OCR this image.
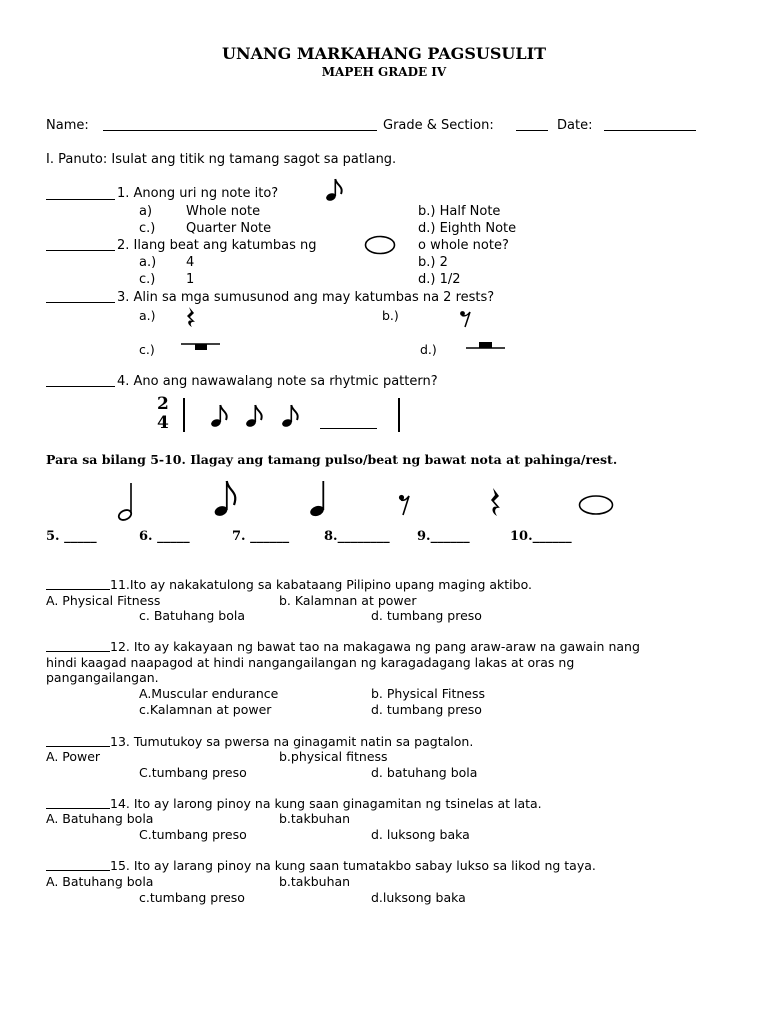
UNANG MARKAHANG PAGSUSULIT
MAPEH GRADE IV
Name:	Grade & Section:	Date:
I. Panuto: Isulat ang titik ng tamang sagot sa patlang.
1. Anong uri ng note ito?
a)	Whole note	b.) Half Note
c.) Quarter Note	d.) Eighth Note
2. Ilang beat ang katumbas ng	o whole note?
a.) 4	b.) 2
c.) 1	d.) 1/2
3. Alin sa mga sumusunod ang may katumbas na 2 rests?
a.)	b.)
c.)	d.)
4. Ano ang nawawalang note sa rhytmic pattern?
2
4
Para sa bilang 5-10. Ilagay ang tamang pulso/beat ng bawat nota at pahinga/rest.
5. _____	6. _____	7. ______	8.________ 9.______	10.______
11.Ito ay nakakatulong sa kabataang Pilipino upang maging aktibo.
A. Physical Fitness	b. Kalamnan at power
c. Batuhang bola	d. tumbang preso
12. Ito ay kakayaan ng bawat tao na makagawa ng pang araw-araw na gawain nang
hindi kaagad naapagod at hindi nangangailangan ng karagadagang lakas at oras ng
pangangailangan.
A.Muscular endurance	b. Physical Fitness
c.Kalamnan at power	d. tumbang preso
13. Tumutukoy sa pwersa na ginagamit natin sa pagtalon.
A. Power	b.physical fitness
C.tumbang preso	d. batuhang bola
14. Ito ay larong pinoy na kung saan ginagamitan ng tsinelas at lata.
A. Batuhang bola	b.takbuhan
C.tumbang preso	d. luksong baka
15. Ito ay larang pinoy na kung saan tumatakbo sabay lukso sa likod ng taya.
A. Batuhang bola	b.takbuhan
c.tumbang preso	d.luksong baka
